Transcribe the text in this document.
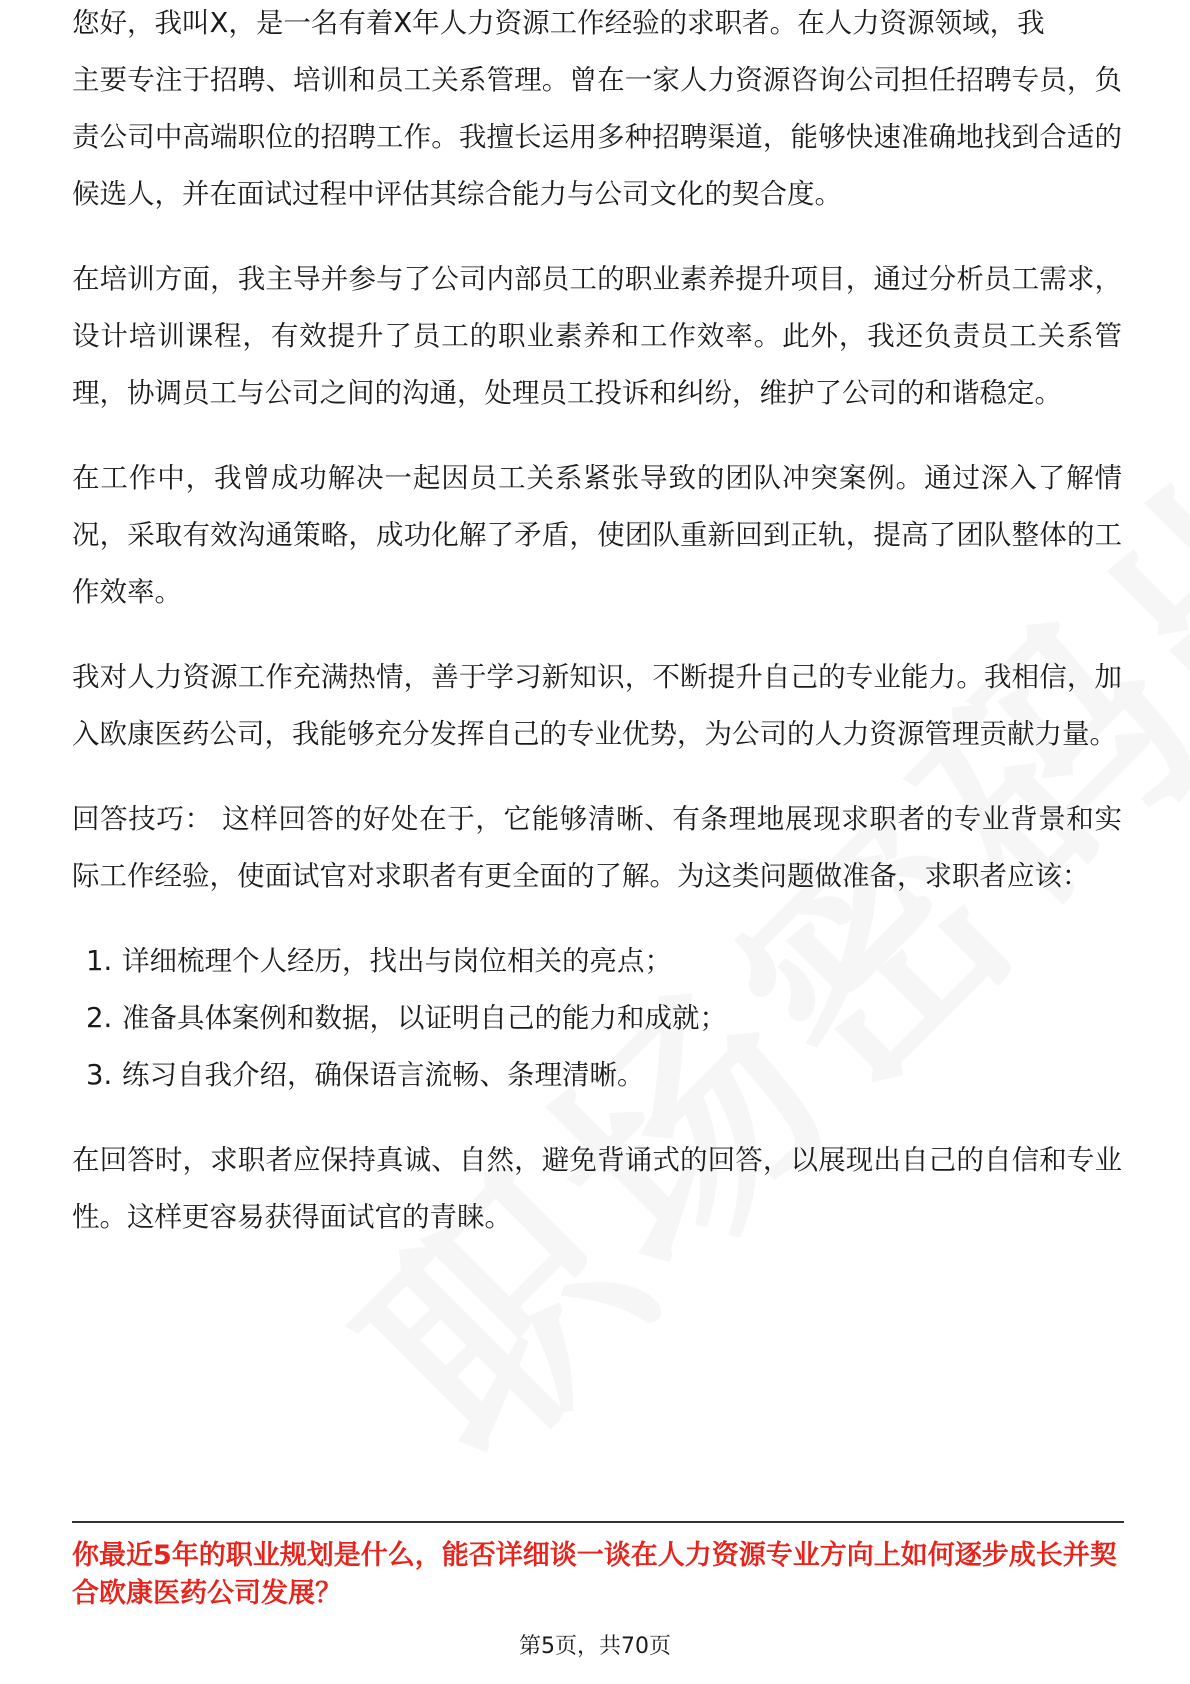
您好，我叫X，是一名有着X年人力资源工作经验的求职者。在人力资源领域，我

主要专注于招聘、培训和员工关系管理。曾在一家人力资源咨询公司担任招聘专员，负责公司中高端职位的招聘工作。我擅长运用多种招聘渠道，能够快速准确地找到合适的候选人，并在面试过程中评估其综合能力与公司文化的契合度。

在培训方面，我主导并参与了公司内部员工的职业素养提升项目，通过分析员工需求，设计培训课程，有效提升了员工的职业素养和工作效率。此外，我还负责员工关系管理，协调员工与公司之间的沟通，处理员工投诉和纠纷，维护了公司的和谐稳定。

在工作中，我曾成功解决一起因员工关系紧张导致的团队冲突案例。通过深入了解情况，采取有效沟通策略，成功化解了矛盾，使团队重新回到正轨，提高了团队整体的工作效率。

我对人力资源工作充满热情，善于学习新知识，不断提升自己的专业能力。我相信，加入欧康医药公司，我能够充分发挥自己的专业优势，为公司的人力资源管理贡献力量。

回答技巧： 这样回答的好处在于，它能够清晰、有条理地展现求职者的专业背景和实际工作经验，使面试官对求职者有更全面的了解。为这类问题做准备，求职者应该：

1. 详细梳理个人经历，找出与岗位相关的亮点；
2. 准备具体案例和数据，以证明自己的能力和成就；
3. 练习自我介绍，确保语言流畅、条理清晰。

在回答时，求职者应保持真诚、自然，避免背诵式的回答，以展现出自己的自信和专业性。这样更容易获得面试官的青睐。

你最近5年的职业规划是什么，能否详细谈一谈在人力资源专业方向上如何逐步成长并契合欧康医药公司发展？

第5页，共70页
